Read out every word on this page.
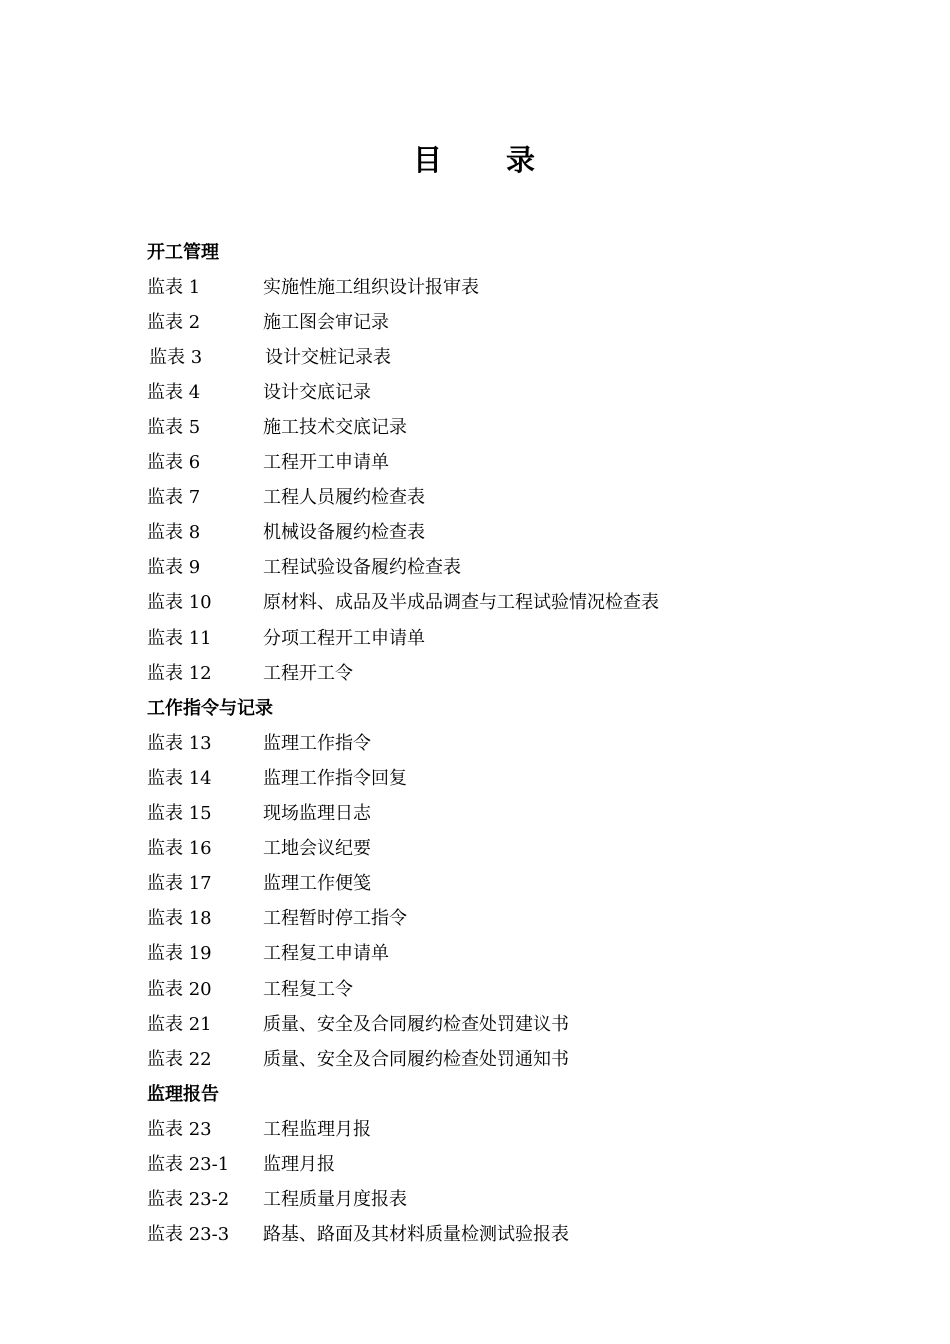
目　　录
开工管理
监表 1	实施性施工组织设计报审表
监表 2	施工图会审记录
监表 3	设计交桩记录表
监表 4	设计交底记录
监表 5	施工技术交底记录
监表 6	工程开工申请单
监表 7	工程人员履约检查表
监表 8	机械设备履约检查表
监表 9	工程试验设备履约检查表
监表 10	原材料、成品及半成品调查与工程试验情况检查表
监表 11	分项工程开工申请单
监表 12	工程开工令
工作指令与记录
监表 13	监理工作指令
监表 14	监理工作指令回复
监表 15	现场监理日志
监表 16	工地会议纪要
监表 17	监理工作便笺
监表 18	工程暂时停工指令
监表 19	工程复工申请单
监表 20	工程复工令
监表 21	质量、安全及合同履约检查处罚建议书
监表 22	质量、安全及合同履约检查处罚通知书
监理报告
监表 23	工程监理月报
监表 23-1	监理月报
监表 23-2	工程质量月度报表
监表 23-3	路基、路面及其材料质量检测试验报表
